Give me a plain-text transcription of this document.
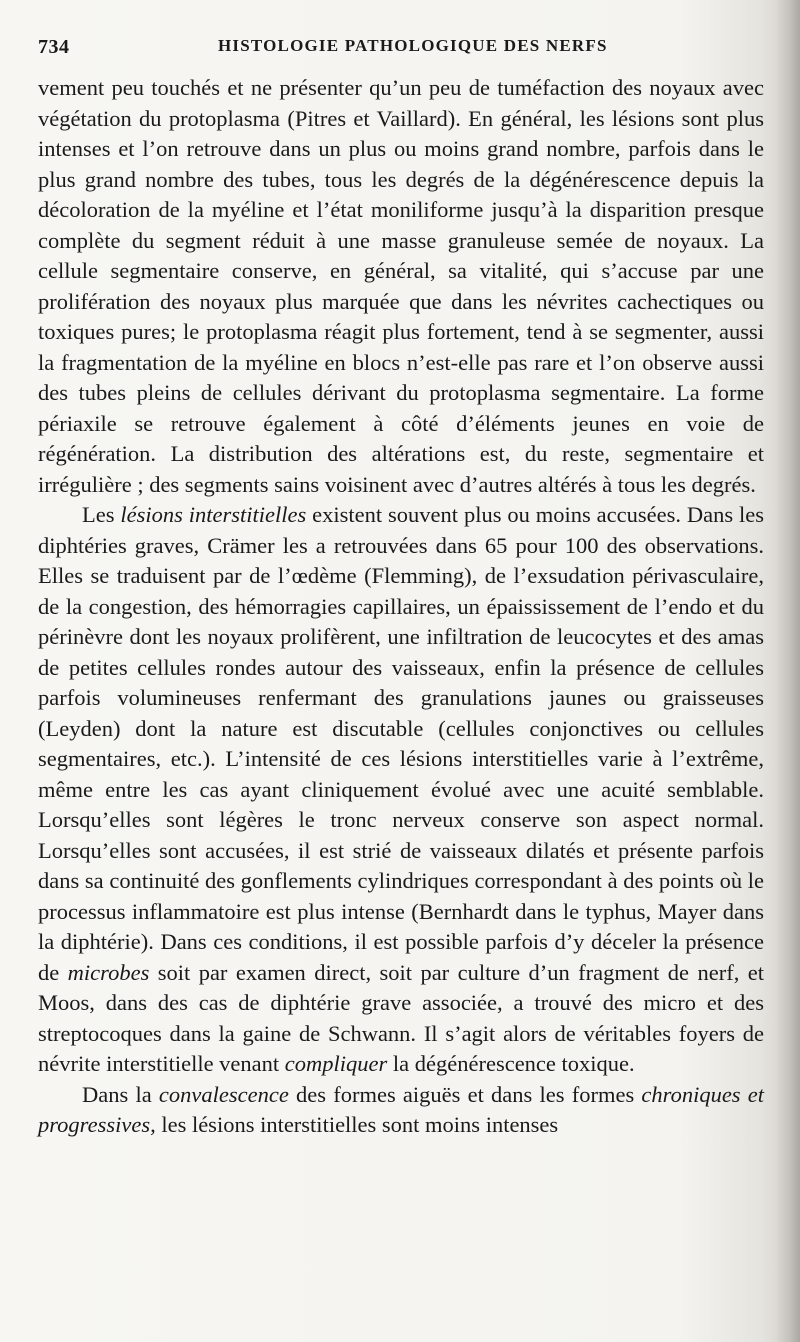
734	HISTOLOGIE PATHOLOGIQUE DES NERFS

vement peu touchés et ne présenter qu’un peu de tuméfaction des noyaux avec végétation du protoplasma (Pitres et Vaillard). En général, les lésions sont plus intenses et l’on retrouve dans un plus ou moins grand nombre, parfois dans le plus grand nombre des tubes, tous les degrés de la dégénérescence depuis la décoloration de la myéline et l’état moniliforme jusqu’à la disparition presque complète du segment réduit à une masse granuleuse semée de noyaux. La cellule segmentaire conserve, en général, sa vitalité, qui s’accuse par une prolifération des noyaux plus marquée que dans les névrites cachectiques ou toxiques pures; le protoplasma réagit plus fortement, tend à se segmenter, aussi la fragmentation de la myéline en blocs n’est-elle pas rare et l’on observe aussi des tubes pleins de cellules dérivant du protoplasma segmentaire. La forme périaxile se retrouve également à côté d’éléments jeunes en voie de régénération. La distribution des altérations est, du reste, segmentaire et irrégulière ; des segments sains voisinent avec d’autres altérés à tous les degrés.

Les lésions interstitielles existent souvent plus ou moins accusées. Dans les diphtéries graves, Crämer les a retrouvées dans 65 pour 100 des observations. Elles se traduisent par de l’œdème (Flemming), de l’exsudation périvasculaire, de la congestion, des hémorragies capillaires, un épaississement de l’endo et du périnèvre dont les noyaux prolifèrent, une infiltration de leucocytes et des amas de petites cellules rondes autour des vaisseaux, enfin la présence de cellules parfois volumineuses renfermant des granulations jaunes ou graisseuses (Leyden) dont la nature est discutable (cellules conjonctives ou cellules segmentaires, etc.). L’intensité de ces lésions interstitielles varie à l’extrême, même entre les cas ayant cliniquement évolué avec une acuité semblable. Lorsqu’elles sont légères le tronc nerveux conserve son aspect normal. Lorsqu’elles sont accusées, il est strié de vaisseaux dilatés et présente parfois dans sa continuité des gonflements cylindriques correspondant à des points où le processus inflammatoire est plus intense (Bernhardt dans le typhus, Mayer dans la diphtérie). Dans ces conditions, il est possible parfois d’y déceler la présence de microbes soit par examen direct, soit par culture d’un fragment de nerf, et Moos, dans des cas de diphtérie grave associée, a trouvé des micro et des streptocoques dans la gaine de Schwann. Il s’agit alors de véritables foyers de névrite interstitielle venant compliquer la dégénérescence toxique.

Dans la convalescence des formes aiguës et dans les formes chroniques et progressives, les lésions interstitielles sont moins intenses
